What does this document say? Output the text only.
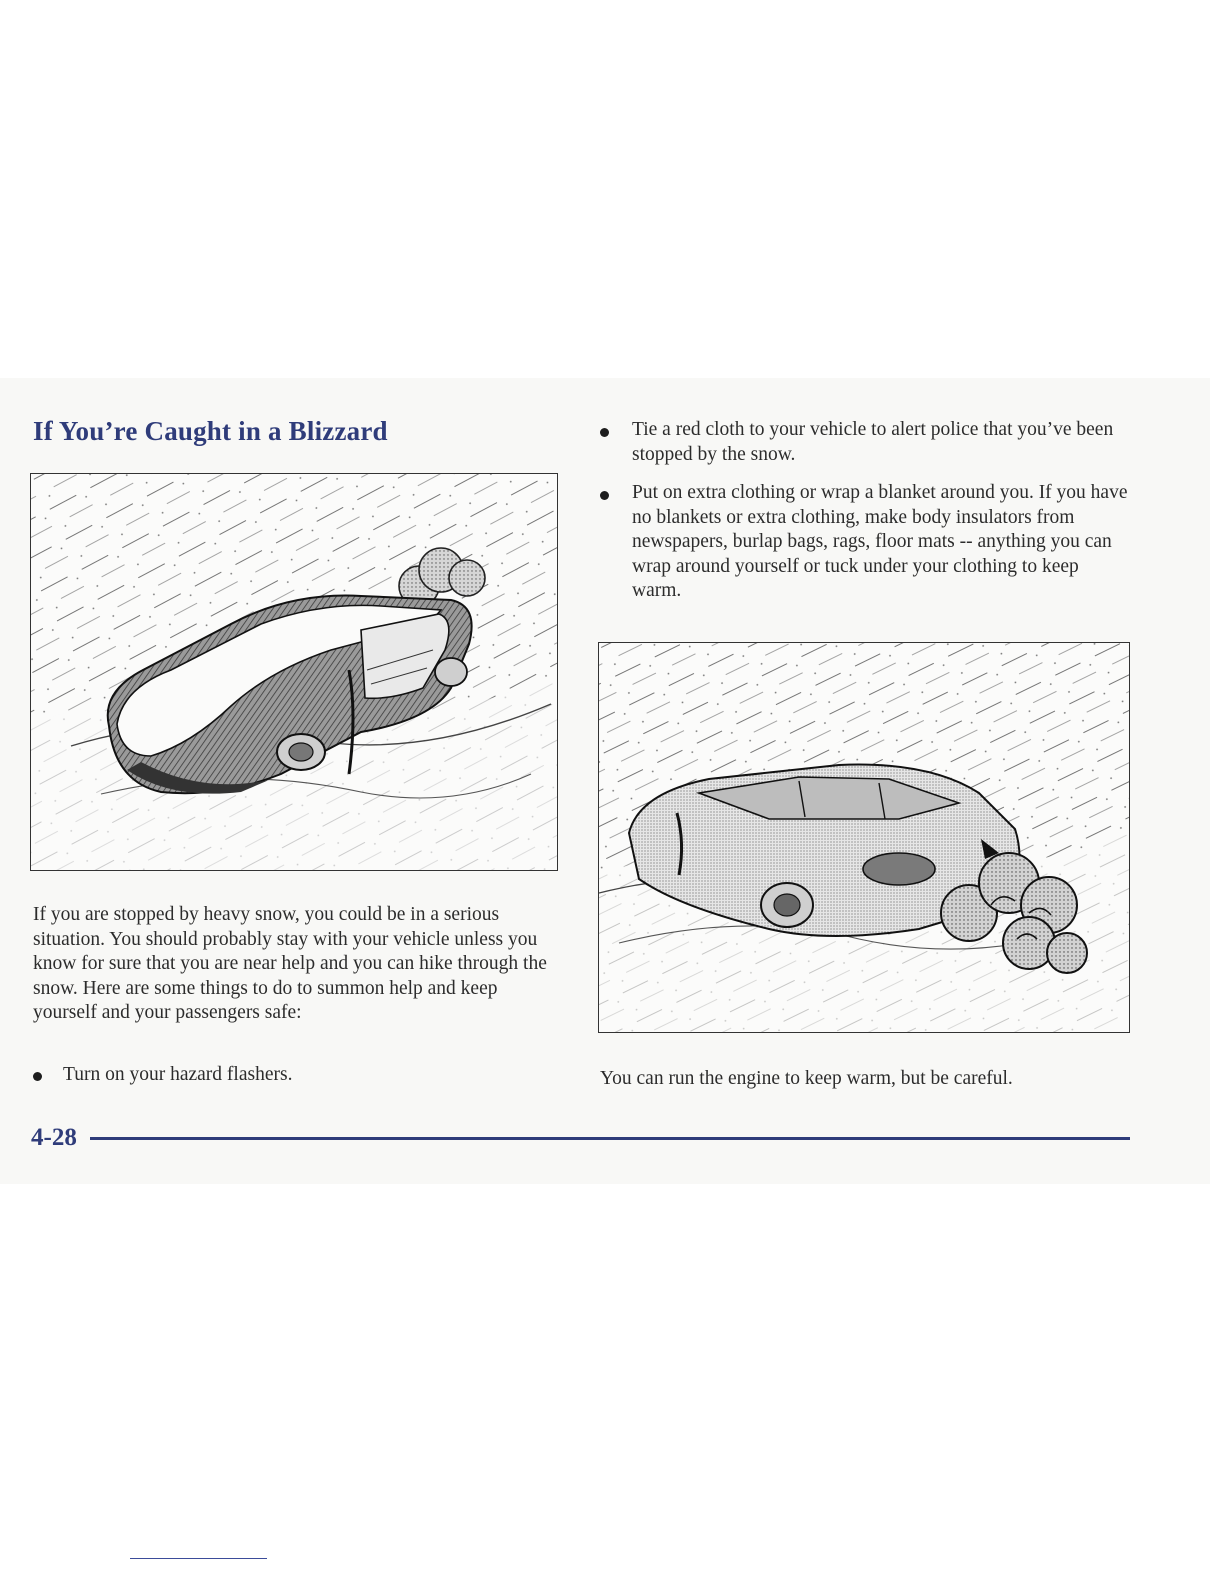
If You’re Caught in a Blizzard

If you are stopped by heavy snow, you could be in a serious situation. You should probably stay with your vehicle unless you know for sure that you are near help and you can hike through the snow. Here are some things to do to summon help and keep yourself and your passengers safe:

Turn on your hazard flashers.
Tie a red cloth to your vehicle to alert police that you’ve been stopped by the snow.
Put on extra clothing or wrap a blanket around you. If you have no blankets or extra clothing, make body insulators from newspapers, burlap bags, rags, floor mats -- anything you can wrap around yourself or tuck under your clothing to keep warm.

You can run the engine to keep warm, but be careful.

4-28
